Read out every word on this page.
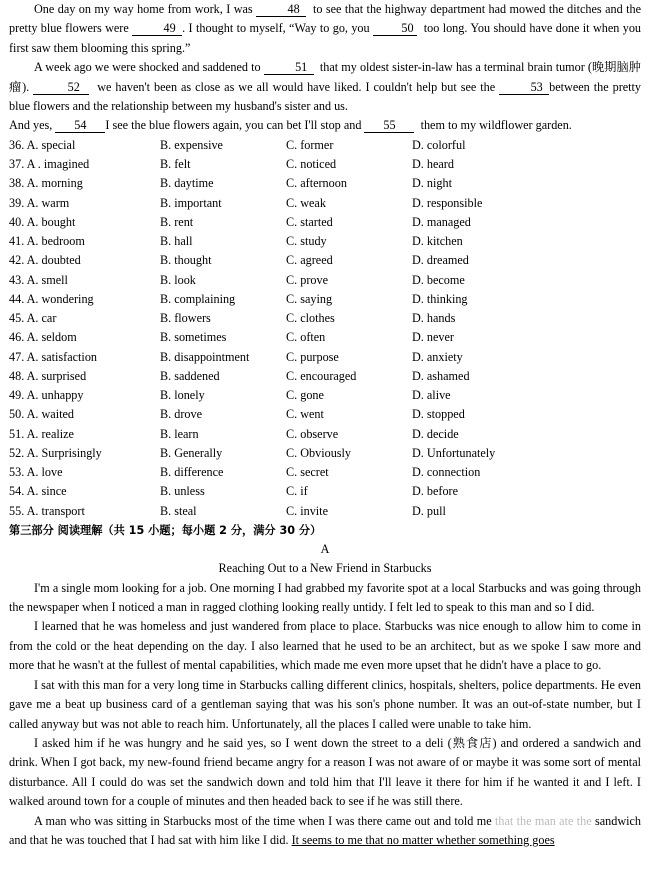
One day on my way home from work, I was	48 to see that the highway department had mowed the ditches and the pretty blue flowers were	49 . I thought to myself, “Way to go, you	50 too long. You should have done it when you first saw them blooming this spring.”

A week ago we were shocked and saddened to	51 that my oldest sister-in-law has a terminal brain tumor (晚期脑肿瘤).	52 we haven't been as close as we all would have liked. I couldn't help but see the	53 between the pretty blue flowers and the relationship between my husband's sister and us.

And yes, 54 I see the blue flowers again, you can bet I'll stop and 55 them to my wildflower garden.

36. A. special	B. expensive	C. former	D. colorful
37. A . imagined	B. felt	C. noticed	D. heard
38. A. morning	B. daytime	C. afternoon	D. night
39. A. warm	B. important	C. weak	D. responsible
40. A. bought	B. rent	C. started	D. managed
41. A. bedroom	B. hall	C. study	D. kitchen
42. A. doubted	B. thought	C. agreed	D. dreamed
43. A. smell	B. look	C. prove	D. become
44. A. wondering	B. complaining	C. saying	D. thinking
45. A. car	B. flowers	C. clothes	D. hands
46. A. seldom	B. sometimes	C. often	D. never
47. A. satisfaction	B. disappointment	C. purpose	D. anxiety
48. A. surprised	B. saddened	C. encouraged	D. ashamed
49. A. unhappy	B. lonely	C. gone	D. alive
50. A. waited	B. drove	C. went	D. stopped
51. A. realize	B. learn	C. observe	D. decide
52. A. Surprisingly	B. Generally	C. Obviously	D. Unfortunately
53. A. love	B. difference	C. secret	D. connection
54. A. since	B. unless	C. if	D. before
55. A. transport	B. steal	C. invite	D. pull
第三部分 阅读理解（共 15 小题；每小题 2 分，满分 30 分）
A
Reaching Out to a New Friend in Starbucks

I'm a single mom looking for a job. One morning I had grabbed my favorite spot at a local Starbucks and was going through the newspaper when I noticed a man in ragged clothing looking really untidy. I felt led to speak to this man and so I did.

I learned that he was homeless and just wandered from place to place. Starbucks was nice enough to allow him to come in from the cold or the heat depending on the day. I also learned that he used to be an architect, but as we spoke I saw more and more that he wasn't at the fullest of mental capabilities, which made me even more upset that he didn't have a place to go.

I sat with this man for a very long time in Starbucks calling different clinics, hospitals, shelters, police departments. He even gave me a beat up business card of a gentleman saying that was his son's phone number. It was an out-of-state number, but I called anyway but was not able to reach him. Unfortunately, all the places I called were unable to take him.

I asked him if he was hungry and he said yes, so I went down the street to a deli (熟食店) and ordered a sandwich and drink. When I got back, my new-found friend became angry for a reason I was not aware of or maybe it was some sort of mental disturbance. All I could do was set the sandwich down and told him that I'll leave it there for him if he wanted it and I left. I walked around town for a couple of minutes and then headed back to see if he was still there.

A man who was sitting in Starbucks most of the time when I was there came out and told me that the man ate the sandwich and that he was touched that I had sat with him like I did. It seems to me that no matter whether something goes
